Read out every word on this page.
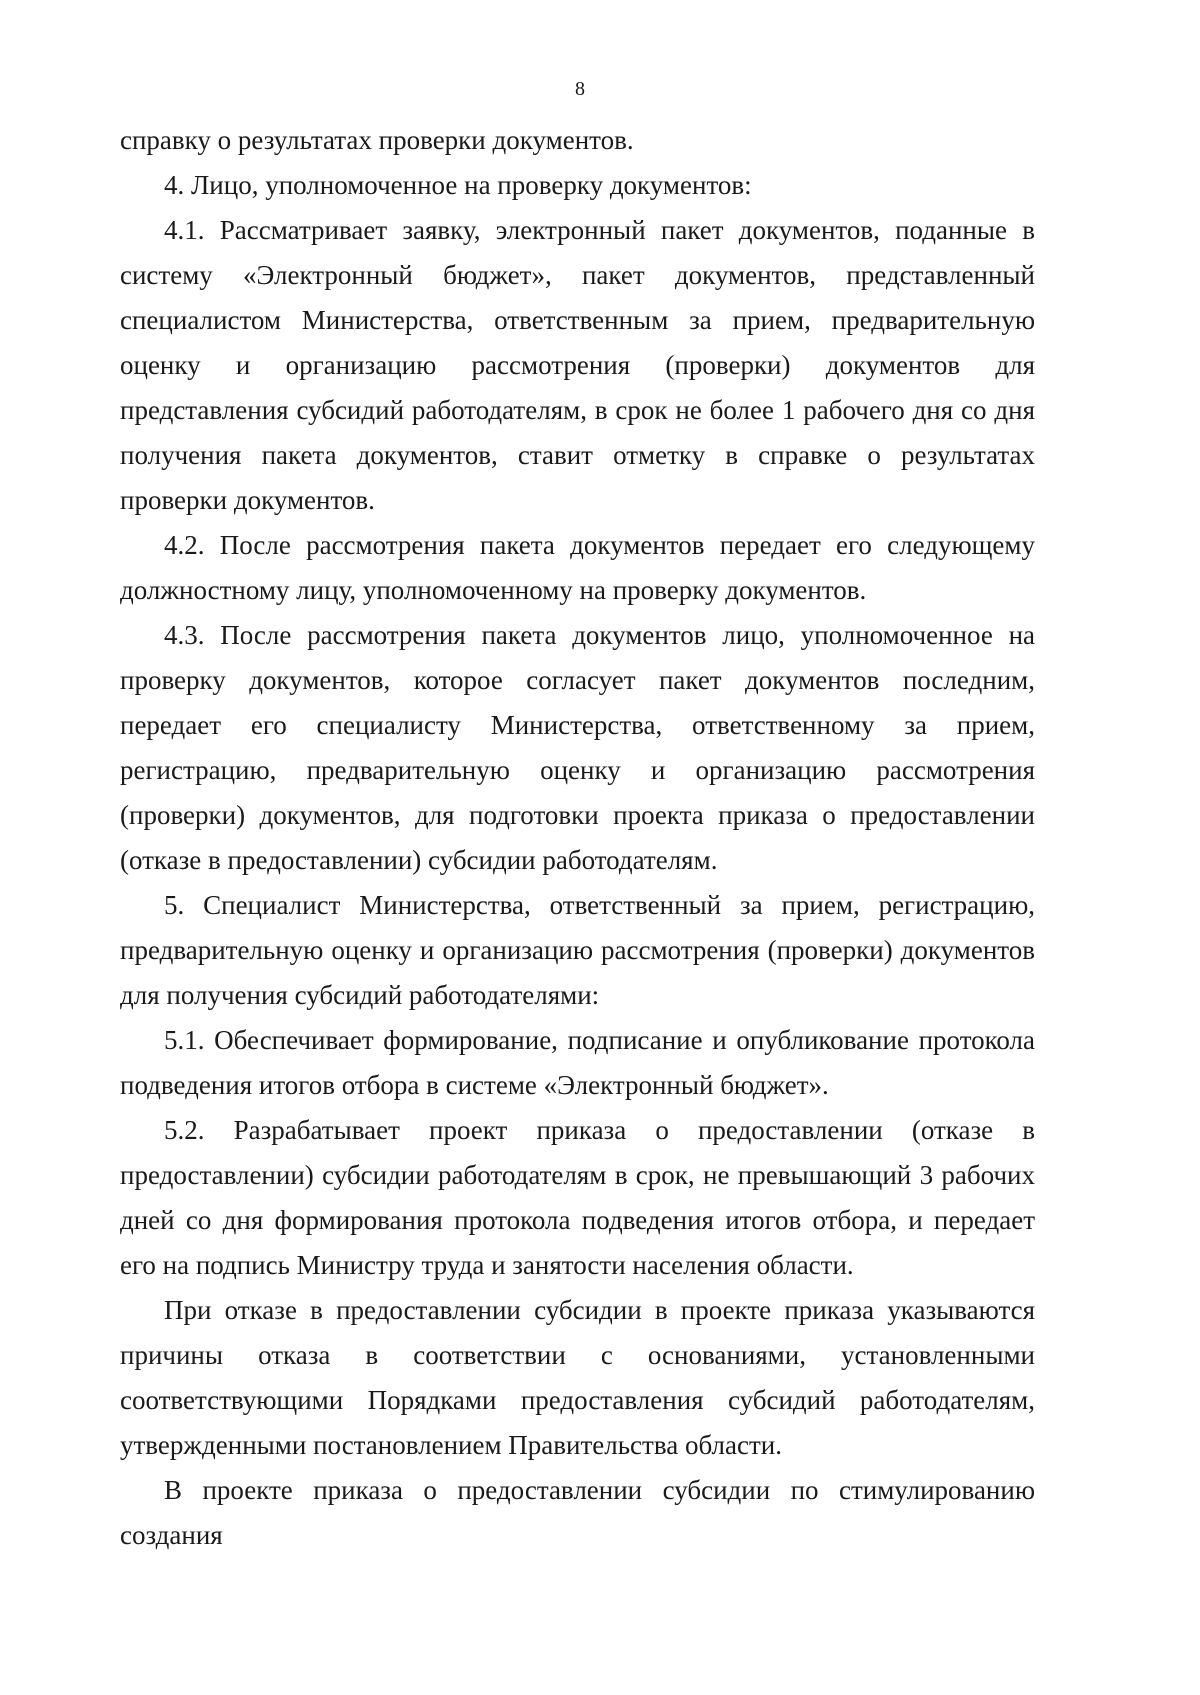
8

справку о результатах проверки документов.

4. Лицо, уполномоченное на проверку документов:

4.1. Рассматривает заявку, электронный пакет документов, поданные в систему «Электронный бюджет», пакет документов, представленный специалистом Министерства, ответственным за прием, предварительную оценку и организацию рассмотрения (проверки) документов для представления субсидий работодателям, в срок не более 1 рабочего дня со дня получения пакета документов, ставит отметку в справке о результатах проверки документов.

4.2. После рассмотрения пакета документов передает его следующему должностному лицу, уполномоченному на проверку документов.

4.3. После рассмотрения пакета документов лицо, уполномоченное на проверку документов, которое согласует пакет документов последним, передает его специалисту Министерства, ответственному за прием, регистрацию, предварительную оценку и организацию рассмотрения (проверки) документов, для подготовки проекта приказа о предоставлении (отказе в предоставлении) субсидии работодателям.

5. Специалист Министерства, ответственный за прием, регистрацию, предварительную оценку и организацию рассмотрения (проверки) документов для получения субсидий работодателями:

5.1. Обеспечивает формирование, подписание и опубликование протокола подведения итогов отбора в системе «Электронный бюджет».

5.2. Разрабатывает проект приказа о предоставлении (отказе в предоставлении) субсидии работодателям в срок, не превышающий 3 рабочих дней со дня формирования протокола подведения итогов отбора, и передает его на подпись Министру труда и занятости населения области.

При отказе в предоставлении субсидии в проекте приказа указываются причины отказа в соответствии с основаниями, установленными соответствующими Порядками предоставления субсидий работодателям, утвержденными постановлением Правительства области.

В проекте приказа о предоставлении субсидии по стимулированию создания
